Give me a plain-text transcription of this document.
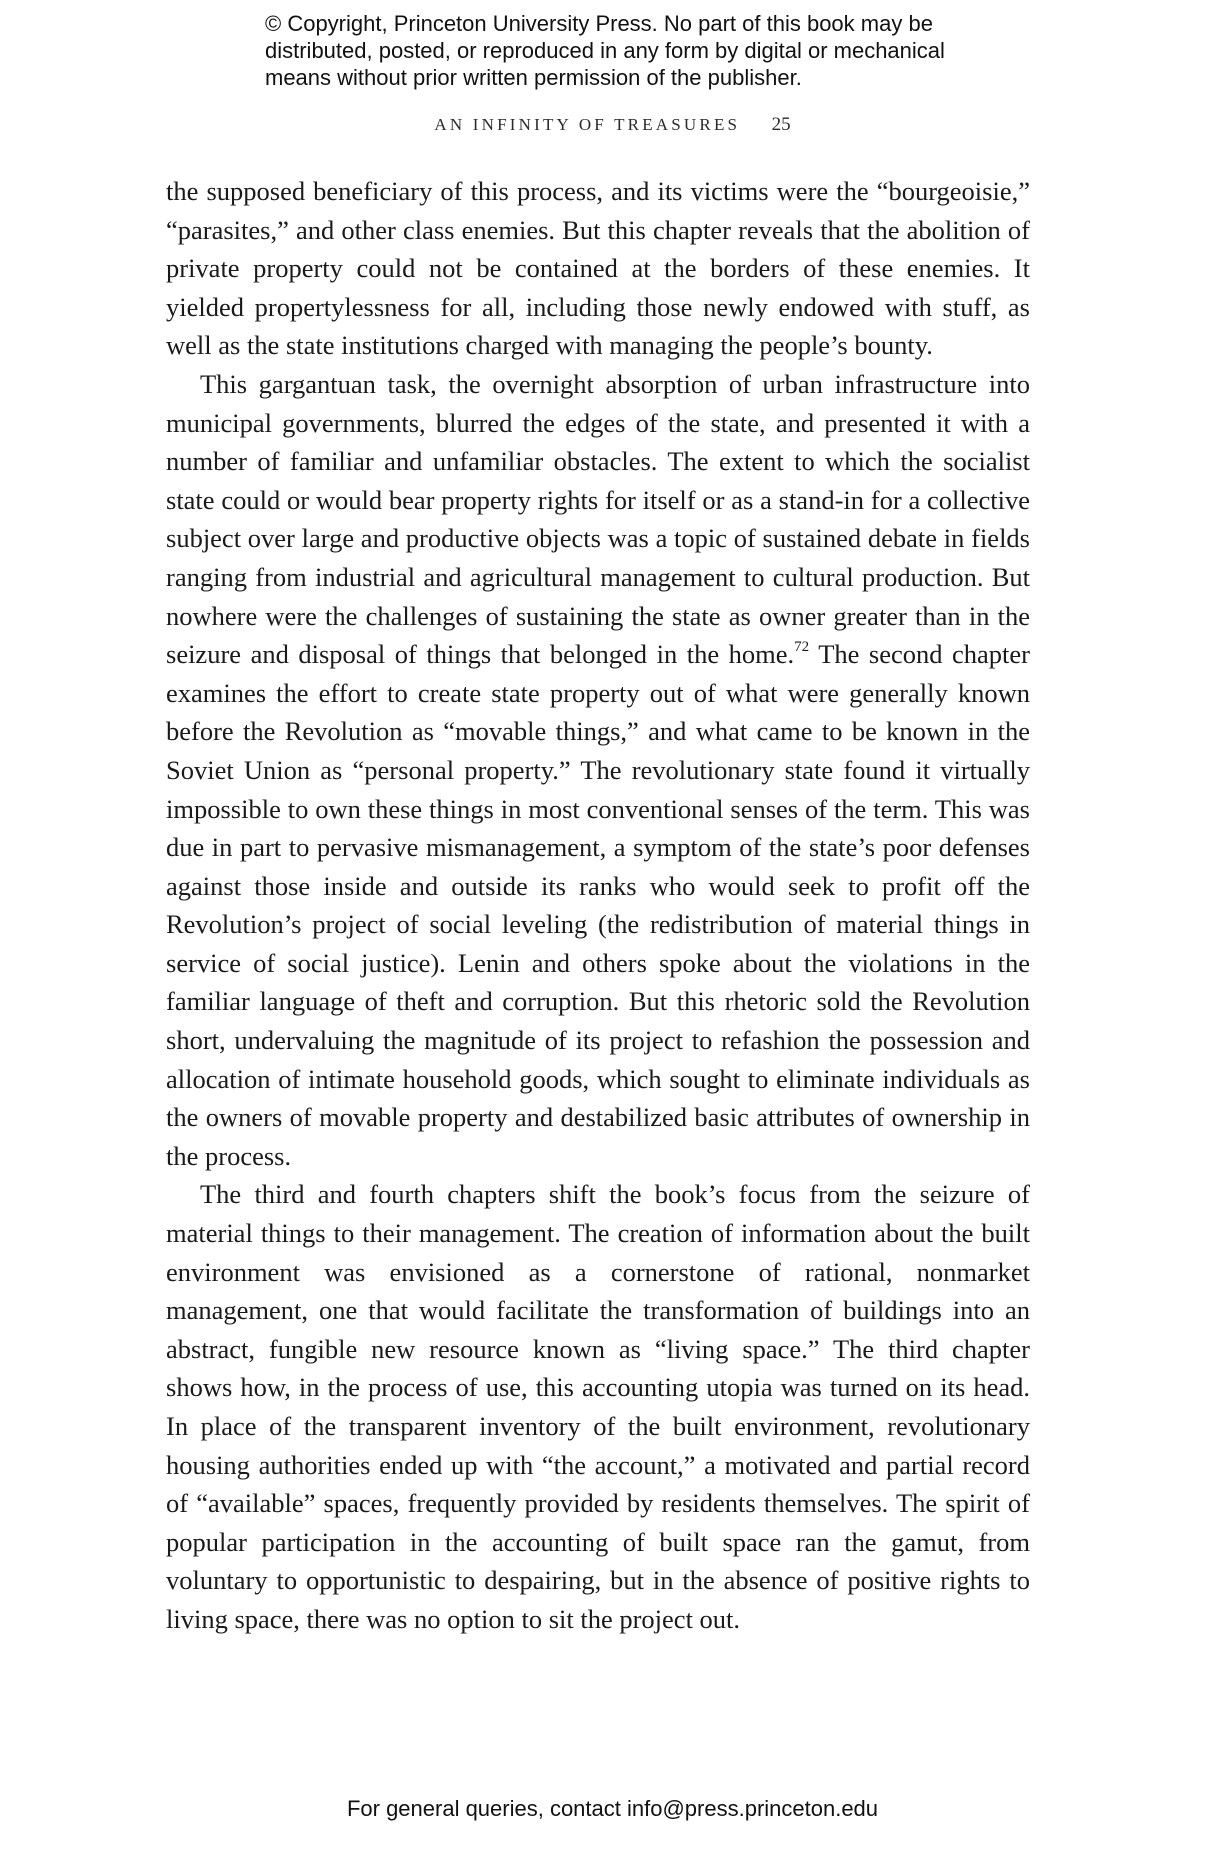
© Copyright, Princeton University Press. No part of this book may be distributed, posted, or reproduced in any form by digital or mechanical means without prior written permission of the publisher.
AN INFINITY OF TREASURES 25

the supposed beneficiary of this process, and its victims were the “bourgeoisie,” “parasites,” and other class enemies. But this chapter reveals that the abolition of private property could not be contained at the borders of these enemies. It yielded propertylessness for all, including those newly endowed with stuff, as well as the state institutions charged with managing the people’s bounty.

This gargantuan task, the overnight absorption of urban infrastructure into municipal governments, blurred the edges of the state, and presented it with a number of familiar and unfamiliar obstacles. The extent to which the socialist state could or would bear property rights for itself or as a stand-in for a collective subject over large and productive objects was a topic of sustained debate in fields ranging from industrial and agricultural management to cultural production. But nowhere were the challenges of sustaining the state as owner greater than in the seizure and disposal of things that belonged in the home.$^{72}$ The second chapter examines the effort to create state property out of what were generally known before the Revolution as “movable things,” and what came to be known in the Soviet Union as “personal property.” The revolutionary state found it virtually impossible to own these things in most conventional senses of the term. This was due in part to pervasive mismanagement, a symptom of the state’s poor defenses against those inside and outside its ranks who would seek to profit off the Revolution’s project of social leveling (the redistribution of material things in service of social justice). Lenin and others spoke about the violations in the familiar language of theft and corruption. But this rhetoric sold the Revolution short, undervaluing the magnitude of its project to refashion the possession and allocation of intimate household goods, which sought to eliminate individuals as the owners of movable property and destabilized basic attributes of ownership in the process.

The third and fourth chapters shift the book’s focus from the seizure of material things to their management. The creation of information about the built environment was envisioned as a cornerstone of rational, nonmarket management, one that would facilitate the transformation of buildings into an abstract, fungible new resource known as “living space.” The third chapter shows how, in the process of use, this accounting utopia was turned on its head. In place of the transparent inventory of the built environment, revolutionary housing authorities ended up with “the account,” a motivated and partial record of “available” spaces, frequently provided by residents themselves. The spirit of popular participation in the accounting of built space ran the gamut, from voluntary to opportunistic to despairing, but in the absence of positive rights to living space, there was no option to sit the project out.

For general queries, contact info@press.princeton.edu
